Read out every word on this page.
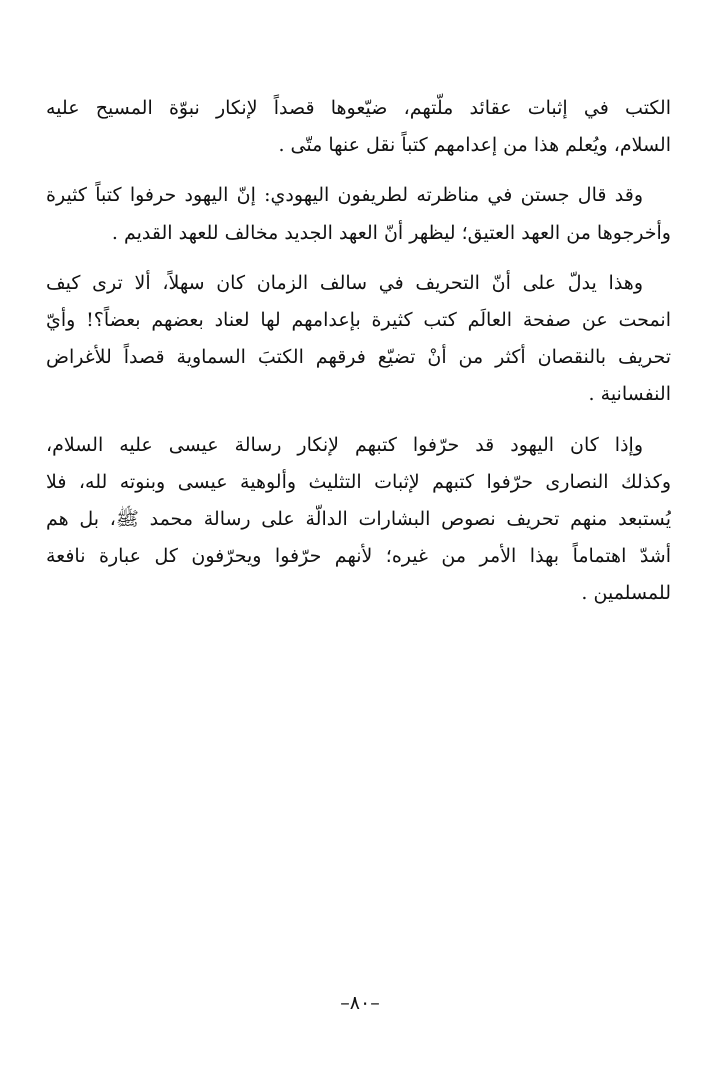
الكتب في إثبات عقائد ملّتهم، ضيّعوها قصداً لإنكار نبوّة المسيح عليه
السلام، ويُعلم هذا من إعدامهم كتباً نقل عنها متّى .
وقد قال جستن في مناظرته لطريفون اليهودي: إنّ اليهود حرفوا كتباً كثيرة
وأخرجوها من العهد العتيق؛ ليظهر أنّ العهد الجديد مخالف للعهد القديم .
وهذا يدلّ على أنّ التحريف في سالف الزمان كان سهلاً، ألا ترى كيف
انمحت عن صفحة العالَم كتب كثيرة بإعدامهم لها لعناد بعضهم بعضاً؟! وأيّ
تحريف بالنقصان أكثر من أنْ تضيّع فرقهم الكتبَ السماوية قصداً للأغراض
النفسانية .
وإذا كان اليهود قد حرّفوا كتبهم لإنكار رسالة عيسى عليه السلام،
وكذلك النصارى حرّفوا كتبهم لإثبات التثليث وألوهية عيسى وبنوته لله، فلا
يُستبعد منهم تحريف نصوص البشارات الدالّة على رسالة محمد ﷺ، بل هم
أشدّ اهتماماً بهذا الأمر من غيره؛ لأنهم حرّفوا ويحرّفون كل عبارة نافعة
للمسلمين .
–٨٠–
